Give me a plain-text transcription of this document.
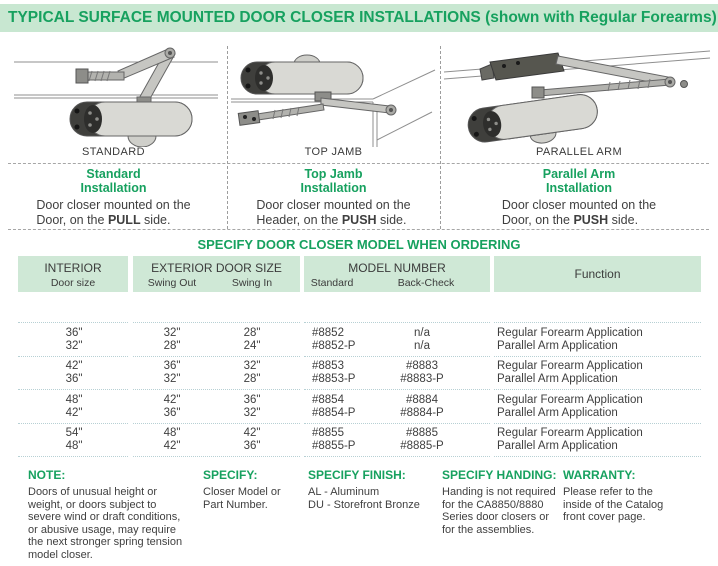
TYPICAL SURFACE MOUNTED DOOR CLOSER INSTALLATIONS (shown with Regular Forearms)
STANDARD	TOP JAMB	PARALLEL ARM
Standard
Installation
Door closer mounted on the
Door, on the PULL side.
Top Jamb
Installation
Door closer mounted on the
Header, on the PUSH side.
Parallel Arm
Installation
Door closer mounted on the
Door, on the PUSH side.
SPECIFY DOOR CLOSER MODEL WHEN ORDERING
INTERIOR
Door size
EXTERIOR DOOR SIZE
Swing Out	Swing In
MODEL NUMBER
Standard	Back-Check
Function
36"	32"	28"	#8852	n/a	Regular Forearm Application
32"	28"	24"	#8852-P	n/a	Parallel Arm Application
42"	36"	32"	#8853	#8883	Regular Forearm Application
36"	32"	28"	#8853-P	#8883-P	Parallel Arm Application
48"	42"	36"	#8854	#8884	Regular Forearm Application
42"	36"	32"	#8854-P	#8884-P	Parallel Arm Application
54"	48"	42"	#8855	#8885	Regular Forearm Application
48"	42"	36"	#8855-P	#8885-P	Parallel Arm Application
NOTE:
Doors of unusual height or
weight, or doors subject to
severe wind or draft conditions,
or abusive usage, may require
the next stronger spring tension
model closer.
SPECIFY:
Closer Model or
Part Number.
SPECIFY FINISH:
AL - Aluminum
DU - Storefront Bronze
SPECIFY HANDING:
Handing is not required
for the CA8850/8880
Series door closers or
for the assemblies.
WARRANTY:
Please refer to the
inside of the Catalog
front cover page.
